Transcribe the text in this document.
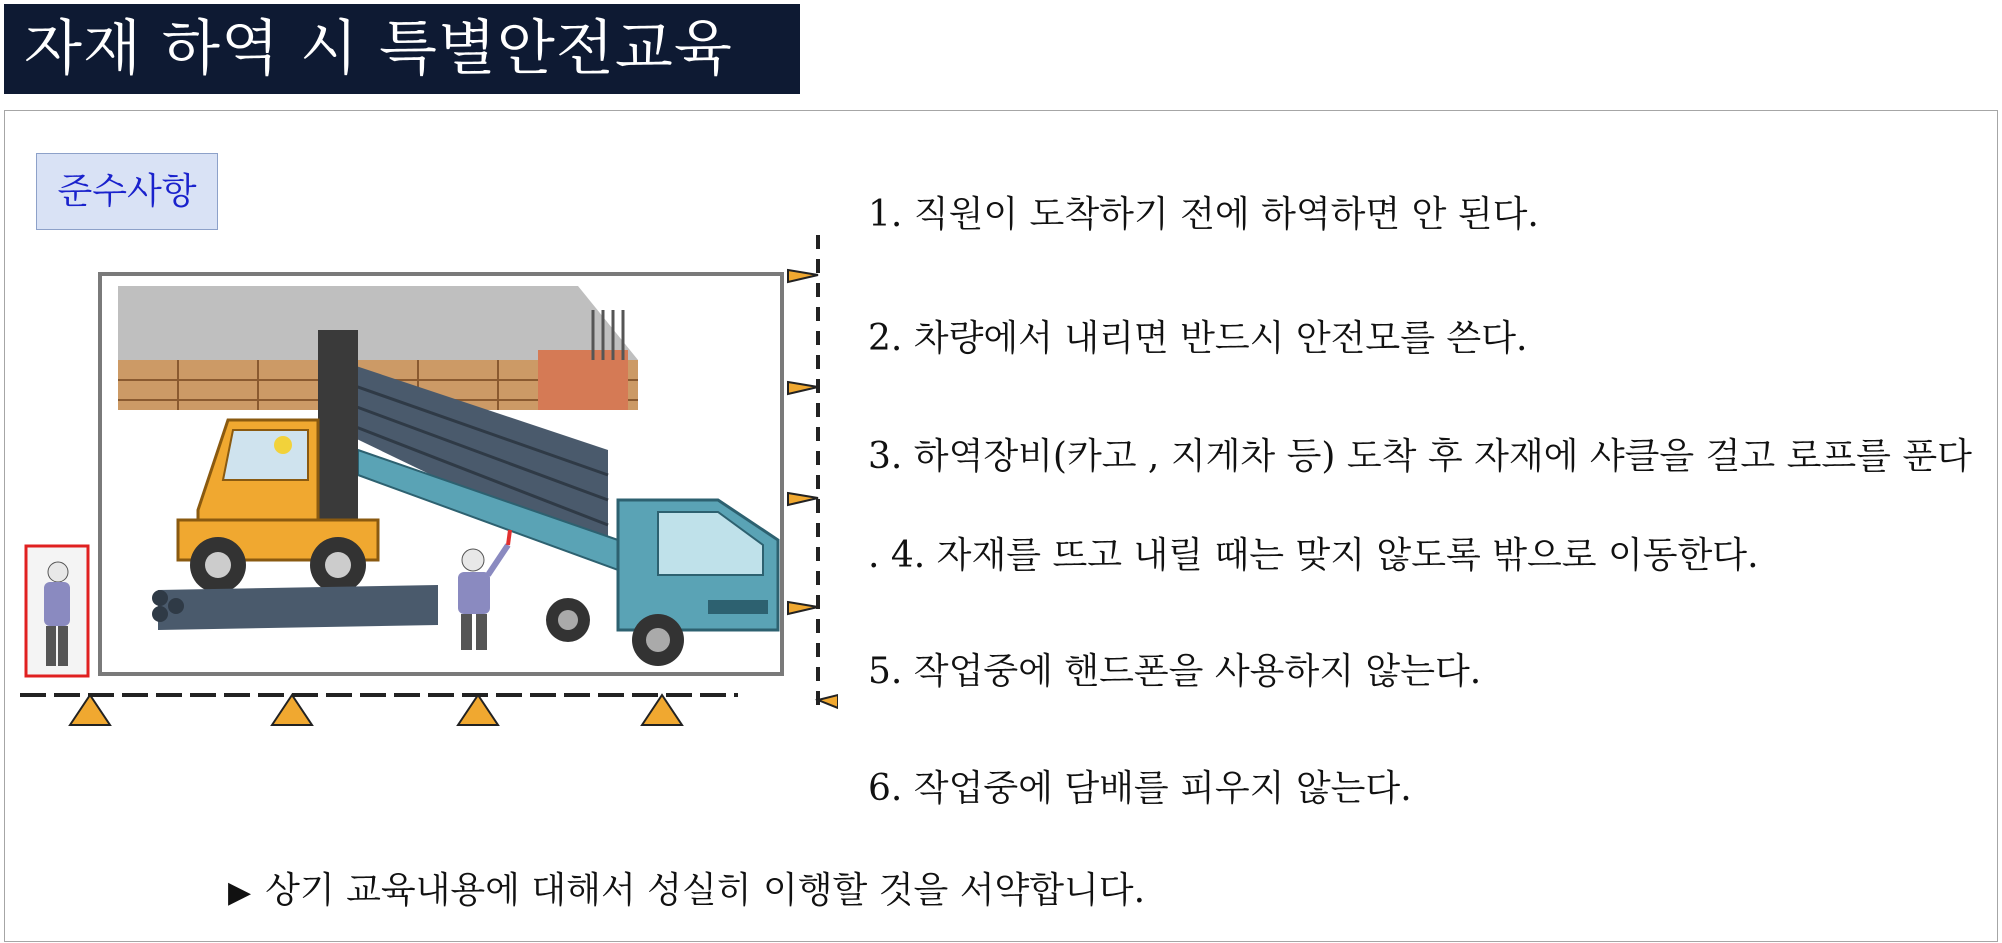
자재 하역 시 특별안전교육
준수사항
1. 직원이 도착하기 전에 하역하면 안 된다.
2. 차량에서 내리면 반드시 안전모를 쓴다.
3. 하역장비(카고 , 지게차 등) 도착 후 자재에 샤클을 걸고 로프를 푼다
. 4. 자재를 뜨고 내릴 때는 맞지 않도록 밖으로 이동한다.
5. 작업중에 핸드폰을 사용하지 않는다.
6. 작업중에 담배를 피우지 않는다.
▶ 상기 교육내용에 대해서 성실히 이행할 것을 서약합니다.
